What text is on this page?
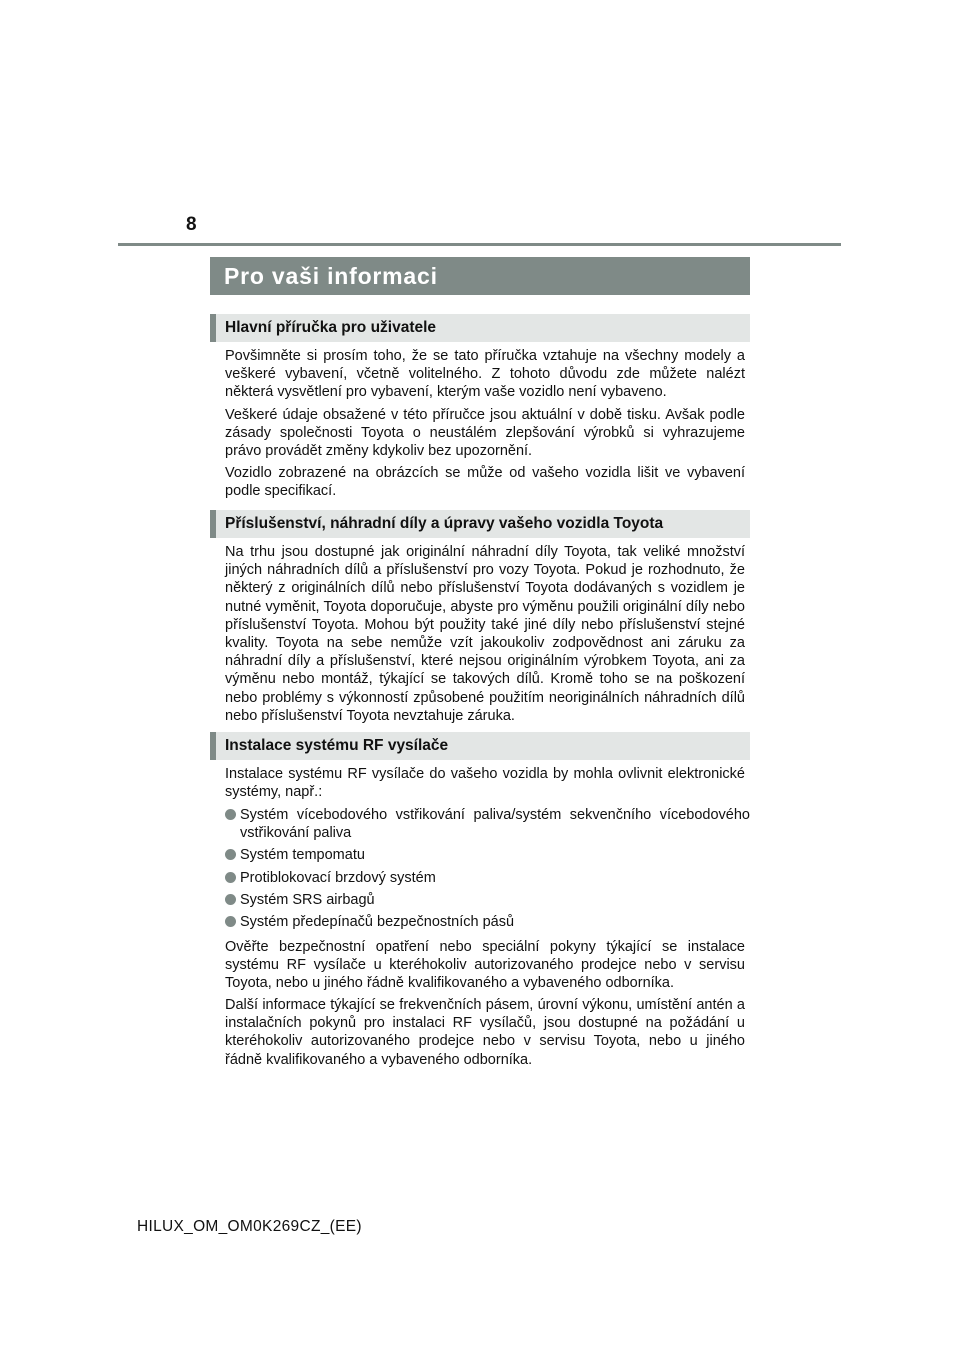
8
Pro vaši informaci
Hlavní příručka pro uživatele

Povšimněte si prosím toho, že se tato příručka vztahuje na všechny modely a veškeré vybavení, včetně volitelného. Z tohoto důvodu zde můžete nalézt některá vysvětlení pro vybavení, kterým vaše vozidlo není vybaveno.

Veškeré údaje obsažené v této příručce jsou aktuální v době tisku. Avšak podle zásady společnosti Toyota o neustálém zlepšování výrobků si vyhrazujeme právo provádět změny kdykoliv bez upozornění.

Vozidlo zobrazené na obrázcích se může od vašeho vozidla lišit ve vybavení podle specifikací.

Příslušenství, náhradní díly a úpravy vašeho vozidla Toyota

Na trhu jsou dostupné jak originální náhradní díly Toyota, tak veliké množství jiných náhradních dílů a příslušenství pro vozy Toyota. Pokud je rozhodnuto, že některý z originálních dílů nebo příslušenství Toyota dodávaných s vozidlem je nutné vyměnit, Toyota doporučuje, abyste pro výměnu použili originální díly nebo příslušenství Toyota. Mohou být použity také jiné díly nebo příslušenství stejné kvality. Toyota na sebe nemůže vzít jakoukoliv zodpovědnost ani záruku za náhradní díly a příslušenství, které nejsou originálním výrobkem Toyota, ani za výměnu nebo montáž, týkající se takových dílů. Kromě toho se na poškození nebo problémy s výkonností způsobené použitím neoriginálních náhradních dílů nebo příslušenství Toyota nevztahuje záruka.

Instalace systému RF vysílače

Instalace systému RF vysílače do vašeho vozidla by mohla ovlivnit elektronické systémy, např.:

Systém vícebodového vstřikování paliva/systém sekvenčního vícebodového vstřikování paliva
Systém tempomatu
Protiblokovací brzdový systém
Systém SRS airbagů
Systém předepínačů bezpečnostních pásů

Ověřte bezpečnostní opatření nebo speciální pokyny týkající se instalace systému RF vysílače u kteréhokoliv autorizovaného prodejce nebo v servisu Toyota, nebo u jiného řádně kvalifikovaného a vybaveného odborníka.

Další informace týkající se frekvenčních pásem, úrovní výkonu, umístění antén a instalačních pokynů pro instalaci RF vysílačů, jsou dostupné na požádání u kteréhokoliv autorizovaného prodejce nebo v servisu Toyota, nebo u jiného řádně kvalifikovaného a vybaveného odborníka.

HILUX_OM_OM0K269CZ_(EE)
